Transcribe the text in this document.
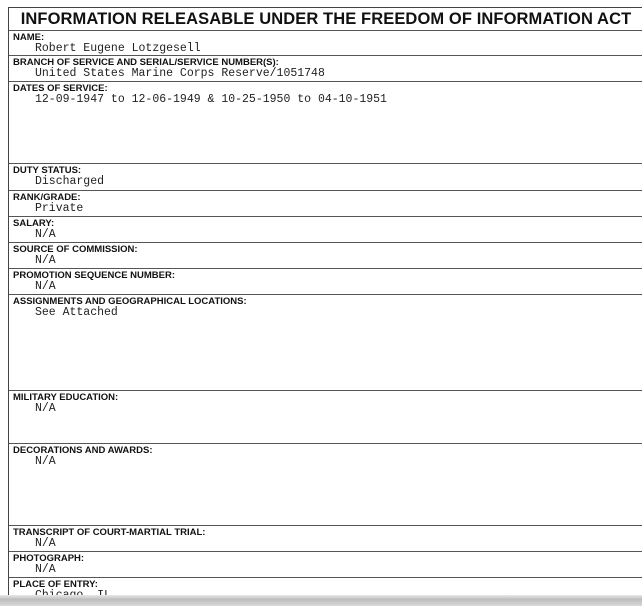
INFORMATION RELEASABLE UNDER THE FREEDOM OF INFORMATION ACT
NAME:
Robert Eugene Lotzgesell
BRANCH OF SERVICE AND SERIAL/SERVICE NUMBER(S):
United States Marine Corps Reserve/1051748
DATES OF SERVICE:
12-09-1947 to 12-06-1949 & 10-25-1950 to 04-10-1951
DUTY STATUS:
Discharged
RANK/GRADE:
Private
SALARY:
N/A
SOURCE OF COMMISSION:
N/A
PROMOTION SEQUENCE NUMBER:
N/A
ASSIGNMENTS AND GEOGRAPHICAL LOCATIONS:
See Attached
MILITARY EDUCATION:
N/A
DECORATIONS AND AWARDS:
N/A
TRANSCRIPT OF COURT-MARTIAL TRIAL:
N/A
PHOTOGRAPH:
N/A
PLACE OF ENTRY:
